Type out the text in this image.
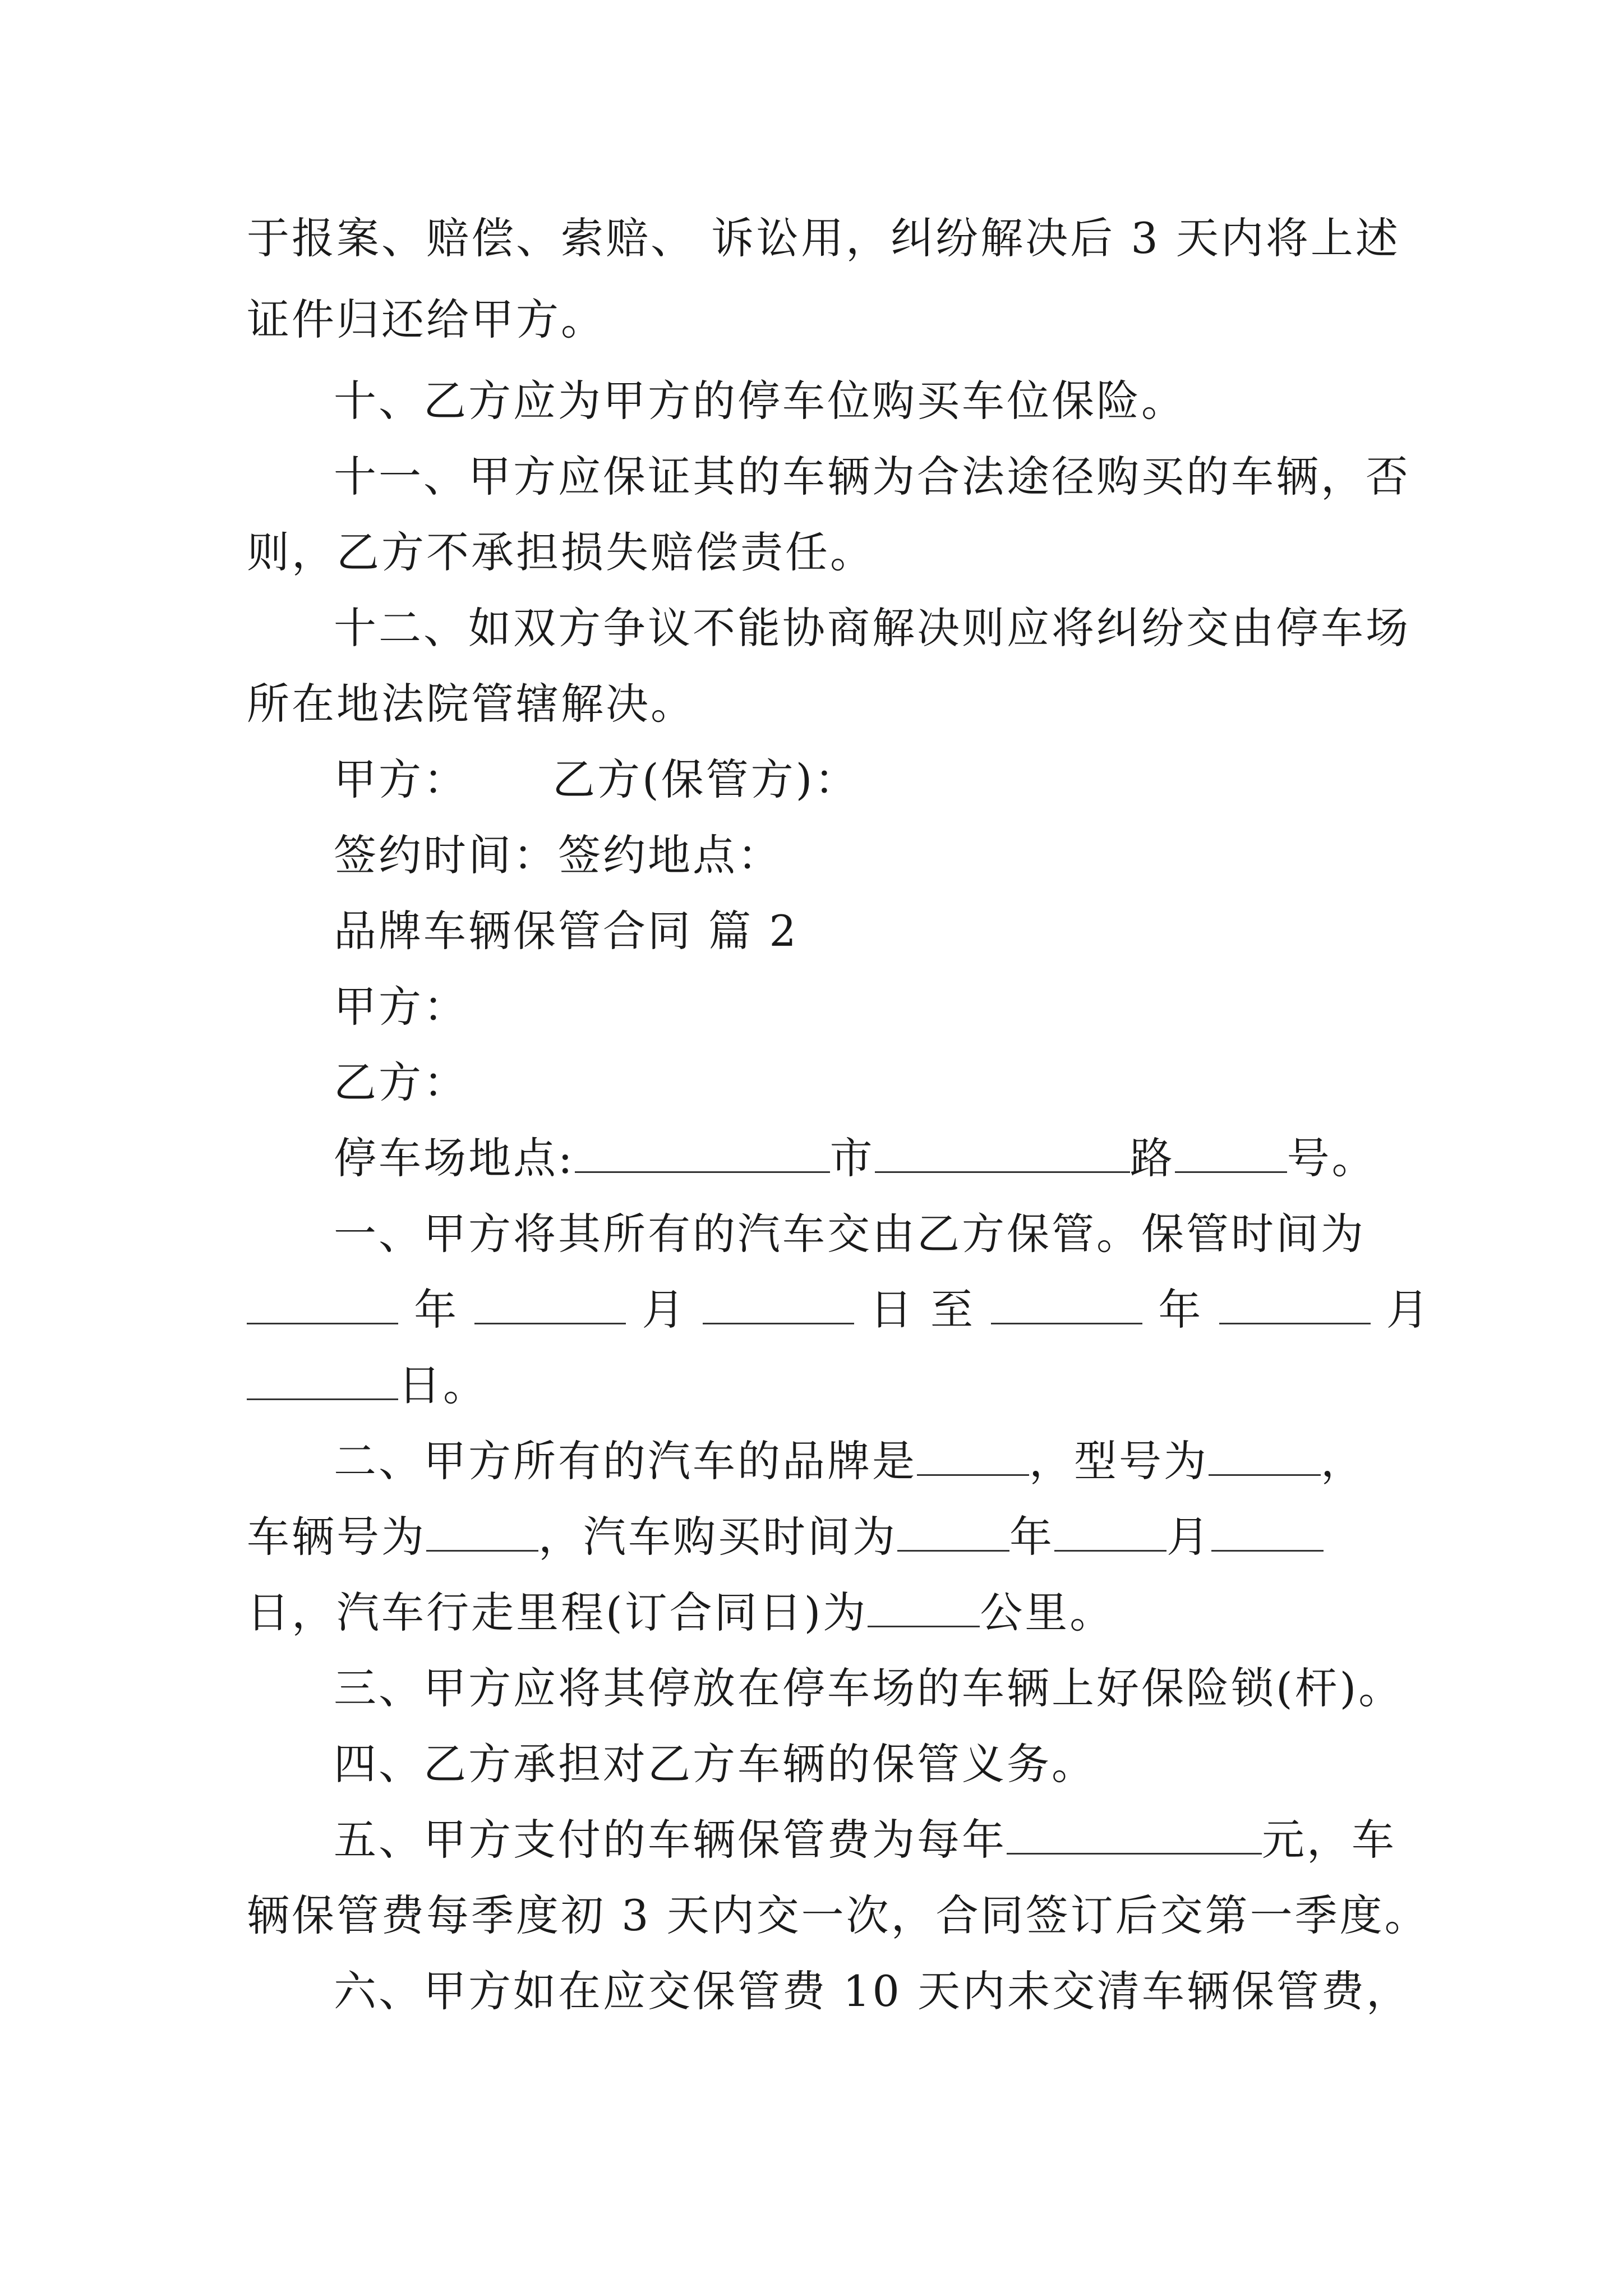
于报案、赔偿、索赔、 诉讼用，纠纷解决后 3 天内将上述
证件归还给甲方。
十、乙方应为甲方的停车位购买车位保险。
十一、甲方应保证其的车辆为合法途径购买的车辆，否
则，乙方不承担损失赔偿责任。
十二、如双方争议不能协商解决则应将纠纷交由停车场
所在地法院管辖解决。
甲方： 乙方(保管方)：
签约时间：签约地点：
品牌车辆保管合同 篇 2
甲方：
乙方：
停车场地点:	市	路	号。
一、甲方将其所有的汽车交由乙方保管。保管时间为
年	月	日 至	年	月
日。
二、甲方所有的汽车的品牌是	，型号为	，
车辆号为	，汽车购买时间为	年	月
日，汽车行走里程(订合同日)为	公里。
三、甲方应将其停放在停车场的车辆上好保险锁(杆)。
四、乙方承担对乙方车辆的保管义务。
五、甲方支付的车辆保管费为每年	元，车
辆保管费每季度初 3 天内交一次，合同签订后交第一季度。
六、甲方如在应交保管费 10 天内未交清车辆保管费，
